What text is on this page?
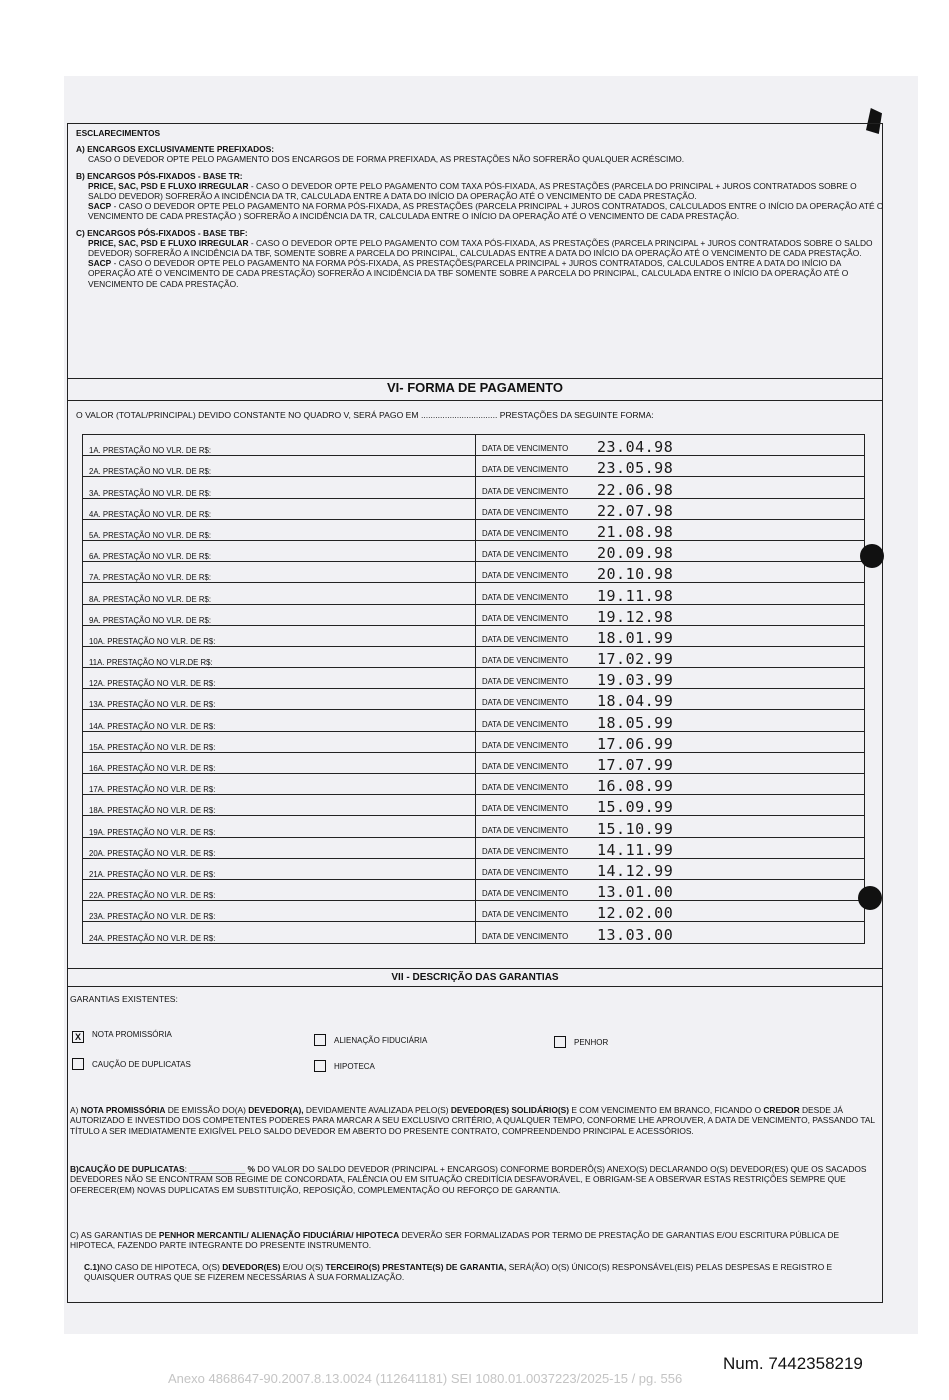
ESCLARECIMENTOS

A) ENCARGOS EXCLUSIVAMENTE PREFIXADOS:

CASO O DEVEDOR OPTE PELO PAGAMENTO DOS ENCARGOS DE FORMA PREFIXADA, AS PRESTAÇÕES NÃO SOFRERÃO QUALQUER ACRÉSCIMO.

B) ENCARGOS PÓS-FIXADOS - BASE TR:

PRICE, SAC, PSD E FLUXO IRREGULAR - CASO O DEVEDOR OPTE PELO PAGAMENTO COM TAXA PÓS-FIXADA, AS PRESTAÇÕES (PARCELA DO PRINCIPAL + JUROS CONTRATADOS SOBRE O SALDO DEVEDOR) SOFRERÃO A INCIDÊNCIA DA TR, CALCULADA ENTRE A DATA DO INÍCIO DA OPERAÇÃO ATÉ O VENCIMENTO DE CADA PRESTAÇÃO.

SACP - CASO O DEVEDOR OPTE PELO PAGAMENTO NA FORMA PÓS-FIXADA, AS PRESTAÇÕES (PARCELA PRINCIPAL + JUROS CONTRATADOS, CALCULADOS ENTRE O INÍCIO DA OPERAÇÃO ATÉ O VENCIMENTO DE CADA PRESTAÇÃO ) SOFRERÃO A INCIDÊNCIA DA TR, CALCULADA ENTRE O INÍCIO DA OPERAÇÃO ATÉ O VENCIMENTO DE CADA PRESTAÇÃO.

C) ENCARGOS PÓS-FIXADOS - BASE TBF:

PRICE, SAC, PSD E FLUXO IRREGULAR - CASO O DEVEDOR OPTE PELO PAGAMENTO COM TAXA PÓS-FIXADA, AS PRESTAÇÕES (PARCELA PRINCIPAL + JUROS CONTRATADOS SOBRE O SALDO DEVEDOR) SOFRERÃO A INCIDÊNCIA DA TBF, SOMENTE SOBRE A PARCELA DO PRINCIPAL, CALCULADAS ENTRE A DATA DO INÍCIO DA OPERAÇÃO ATÉ O VENCIMENTO DE CADA PRESTAÇÃO.

SACP - CASO O DEVEDOR OPTE PELO PAGAMENTO NA FORMA PÓS-FIXADA, AS PRESTAÇÕES(PARCELA PRINCIPAL + JUROS CONTRATADOS, CALCULADOS ENTRE A DATA DO INÍCIO DA OPERAÇÃO ATÉ O VENCIMENTO DE CADA PRESTAÇÃO) SOFRERÃO A INCIDÊNCIA DA TBF SOMENTE SOBRE A PARCELA DO PRINCIPAL, CALCULADA ENTRE O INÍCIO DA OPERAÇÃO ATÉ O VENCIMENTO DE CADA PRESTAÇÃO.

VI- FORMA DE PAGAMENTO
O VALOR (TOTAL/PRINCIPAL) DEVIDO CONSTANTE NO QUADRO V, SERÁ PAGO EM ................................ PRESTAÇÕES DA SEGUINTE FORMA:
1A. PRESTAÇÃO NO VLR. DE R$:	DATA DE VENCIMENTO 23.04.98
2A. PRESTAÇÃO NO VLR. DE R$:	DATA DE VENCIMENTO 23.05.98
3A. PRESTAÇÃO NO VLR. DE R$:	DATA DE VENCIMENTO 22.06.98
4A. PRESTAÇÃO NO VLR. DE R$:	DATA DE VENCIMENTO 22.07.98
5A. PRESTAÇÃO NO VLR. DE R$:	DATA DE VENCIMENTO 21.08.98
6A. PRESTAÇÃO NO VLR. DE R$:	DATA DE VENCIMENTO 20.09.98
7A. PRESTAÇÃO NO VLR. DE R$:	DATA DE VENCIMENTO 20.10.98
8A. PRESTAÇÃO NO VLR. DE R$:	DATA DE VENCIMENTO 19.11.98
9A. PRESTAÇÃO NO VLR. DE R$:	DATA DE VENCIMENTO 19.12.98
10A. PRESTAÇÃO NO VLR. DE R$:	DATA DE VENCIMENTO 18.01.99
11A. PRESTAÇÃO NO VLR.DE R$:	DATA DE VENCIMENTO 17.02.99
12A. PRESTAÇÃO NO VLR. DE R$:	DATA DE VENCIMENTO 19.03.99
13A. PRESTAÇÃO NO VLR. DE R$:	DATA DE VENCIMENTO 18.04.99
14A. PRESTAÇÃO NO VLR. DE R$:	DATA DE VENCIMENTO 18.05.99
15A. PRESTAÇÃO NO VLR. DE R$:	DATA DE VENCIMENTO 17.06.99
16A. PRESTAÇÃO NO VLR. DE R$:	DATA DE VENCIMENTO 17.07.99
17A. PRESTAÇÃO NO VLR. DE R$:	DATA DE VENCIMENTO 16.08.99
18A. PRESTAÇÃO NO VLR. DE R$:	DATA DE VENCIMENTO 15.09.99
19A. PRESTAÇÃO NO VLR. DE R$:	DATA DE VENCIMENTO 15.10.99
20A. PRESTAÇÃO NO VLR. DE R$:	DATA DE VENCIMENTO 14.11.99
21A. PRESTAÇÃO NO VLR. DE R$:	DATA DE VENCIMENTO 14.12.99
22A. PRESTAÇÃO NO VLR. DE R$:	DATA DE VENCIMENTO 13.01.00
23A. PRESTAÇÃO NO VLR. DE R$:	DATA DE VENCIMENTO 12.02.00
24A. PRESTAÇÃO NO VLR. DE R$:	DATA DE VENCIMENTO 13.03.00
VII - DESCRIÇÃO DAS GARANTIAS
GARANTIAS EXISTENTES:
X NOTA PROMISSÓRIA
ALIENAÇÃO FIDUCIÁRIA	PENHOR
CAUÇÃO DE DUPLICATAS	HIPOTECA

A) NOTA PROMISSÓRIA DE EMISSÃO DO(A) DEVEDOR(A), DEVIDAMENTE AVALIZADA PELO(S) DEVEDOR(ES) SOLIDÁRIO(S) E COM VENCIMENTO EM BRANCO, FICANDO O CREDOR DESDE JÁ AUTORIZADO E INVESTIDO DOS COMPETENTES PODERES PARA MARCAR A SEU EXCLUSIVO CRITÉRIO, A QUALQUER TEMPO, CONFORME LHE APROUVER, A DATA DE VENCIMENTO, PASSANDO TAL TÍTULO A SER IMEDIATAMENTE EXIGÍVEL PELO SALDO DEVEDOR EM ABERTO DO PRESENTE CONTRATO, COMPREENDENDO PRINCIPAL E ACESSÓRIOS.

B)CAUÇÃO DE DUPLICATAS: ____________ % DO VALOR DO SALDO DEVEDOR (PRINCIPAL + ENCARGOS) CONFORME BORDERÔ(S) ANEXO(S) DECLARANDO O(S) DEVEDOR(ES) QUE OS SACADOS DEVEDORES NÃO SE ENCONTRAM SOB REGIME DE CONCORDATA, FALÊNCIA OU EM SITUAÇÃO CREDITÍCIA DESFAVORÁVEL, E OBRIGAM-SE A OBSERVAR ESTAS RESTRIÇÕES SEMPRE QUE OFERECER(EM) NOVAS DUPLICATAS EM SUBSTITUIÇÃO, REPOSIÇÃO, COMPLEMENTAÇÃO OU REFORÇO DE GARANTIA.

C) AS GARANTIAS DE PENHOR MERCANTIL/ ALIENAÇÃO FIDUCIÁRIA/ HIPOTECA DEVERÃO SER FORMALIZADAS POR TERMO DE PRESTAÇÃO DE GARANTIAS E/OU ESCRITURA PÚBLICA DE HIPOTECA, FAZENDO PARTE INTEGRANTE DO PRESENTE INSTRUMENTO.

C.1)NO CASO DE HIPOTECA, O(S) DEVEDOR(ES) E/OU O(S) TERCEIRO(S) PRESTANTE(S) DE GARANTIA, SERÁ(ÃO) O(S) ÚNICO(S) RESPONSÁVEL(EIS) PELAS DESPESAS E REGISTRO E QUAISQUER OUTRAS QUE SE FIZEREM NECESSÁRIAS À SUA FORMALIZAÇÃO.

Num. 7442358219
Anexo 4868647-90.2007.8.13.0024 (112641181) SEI 1080.01.0037223/2025-15 / pg. 556
